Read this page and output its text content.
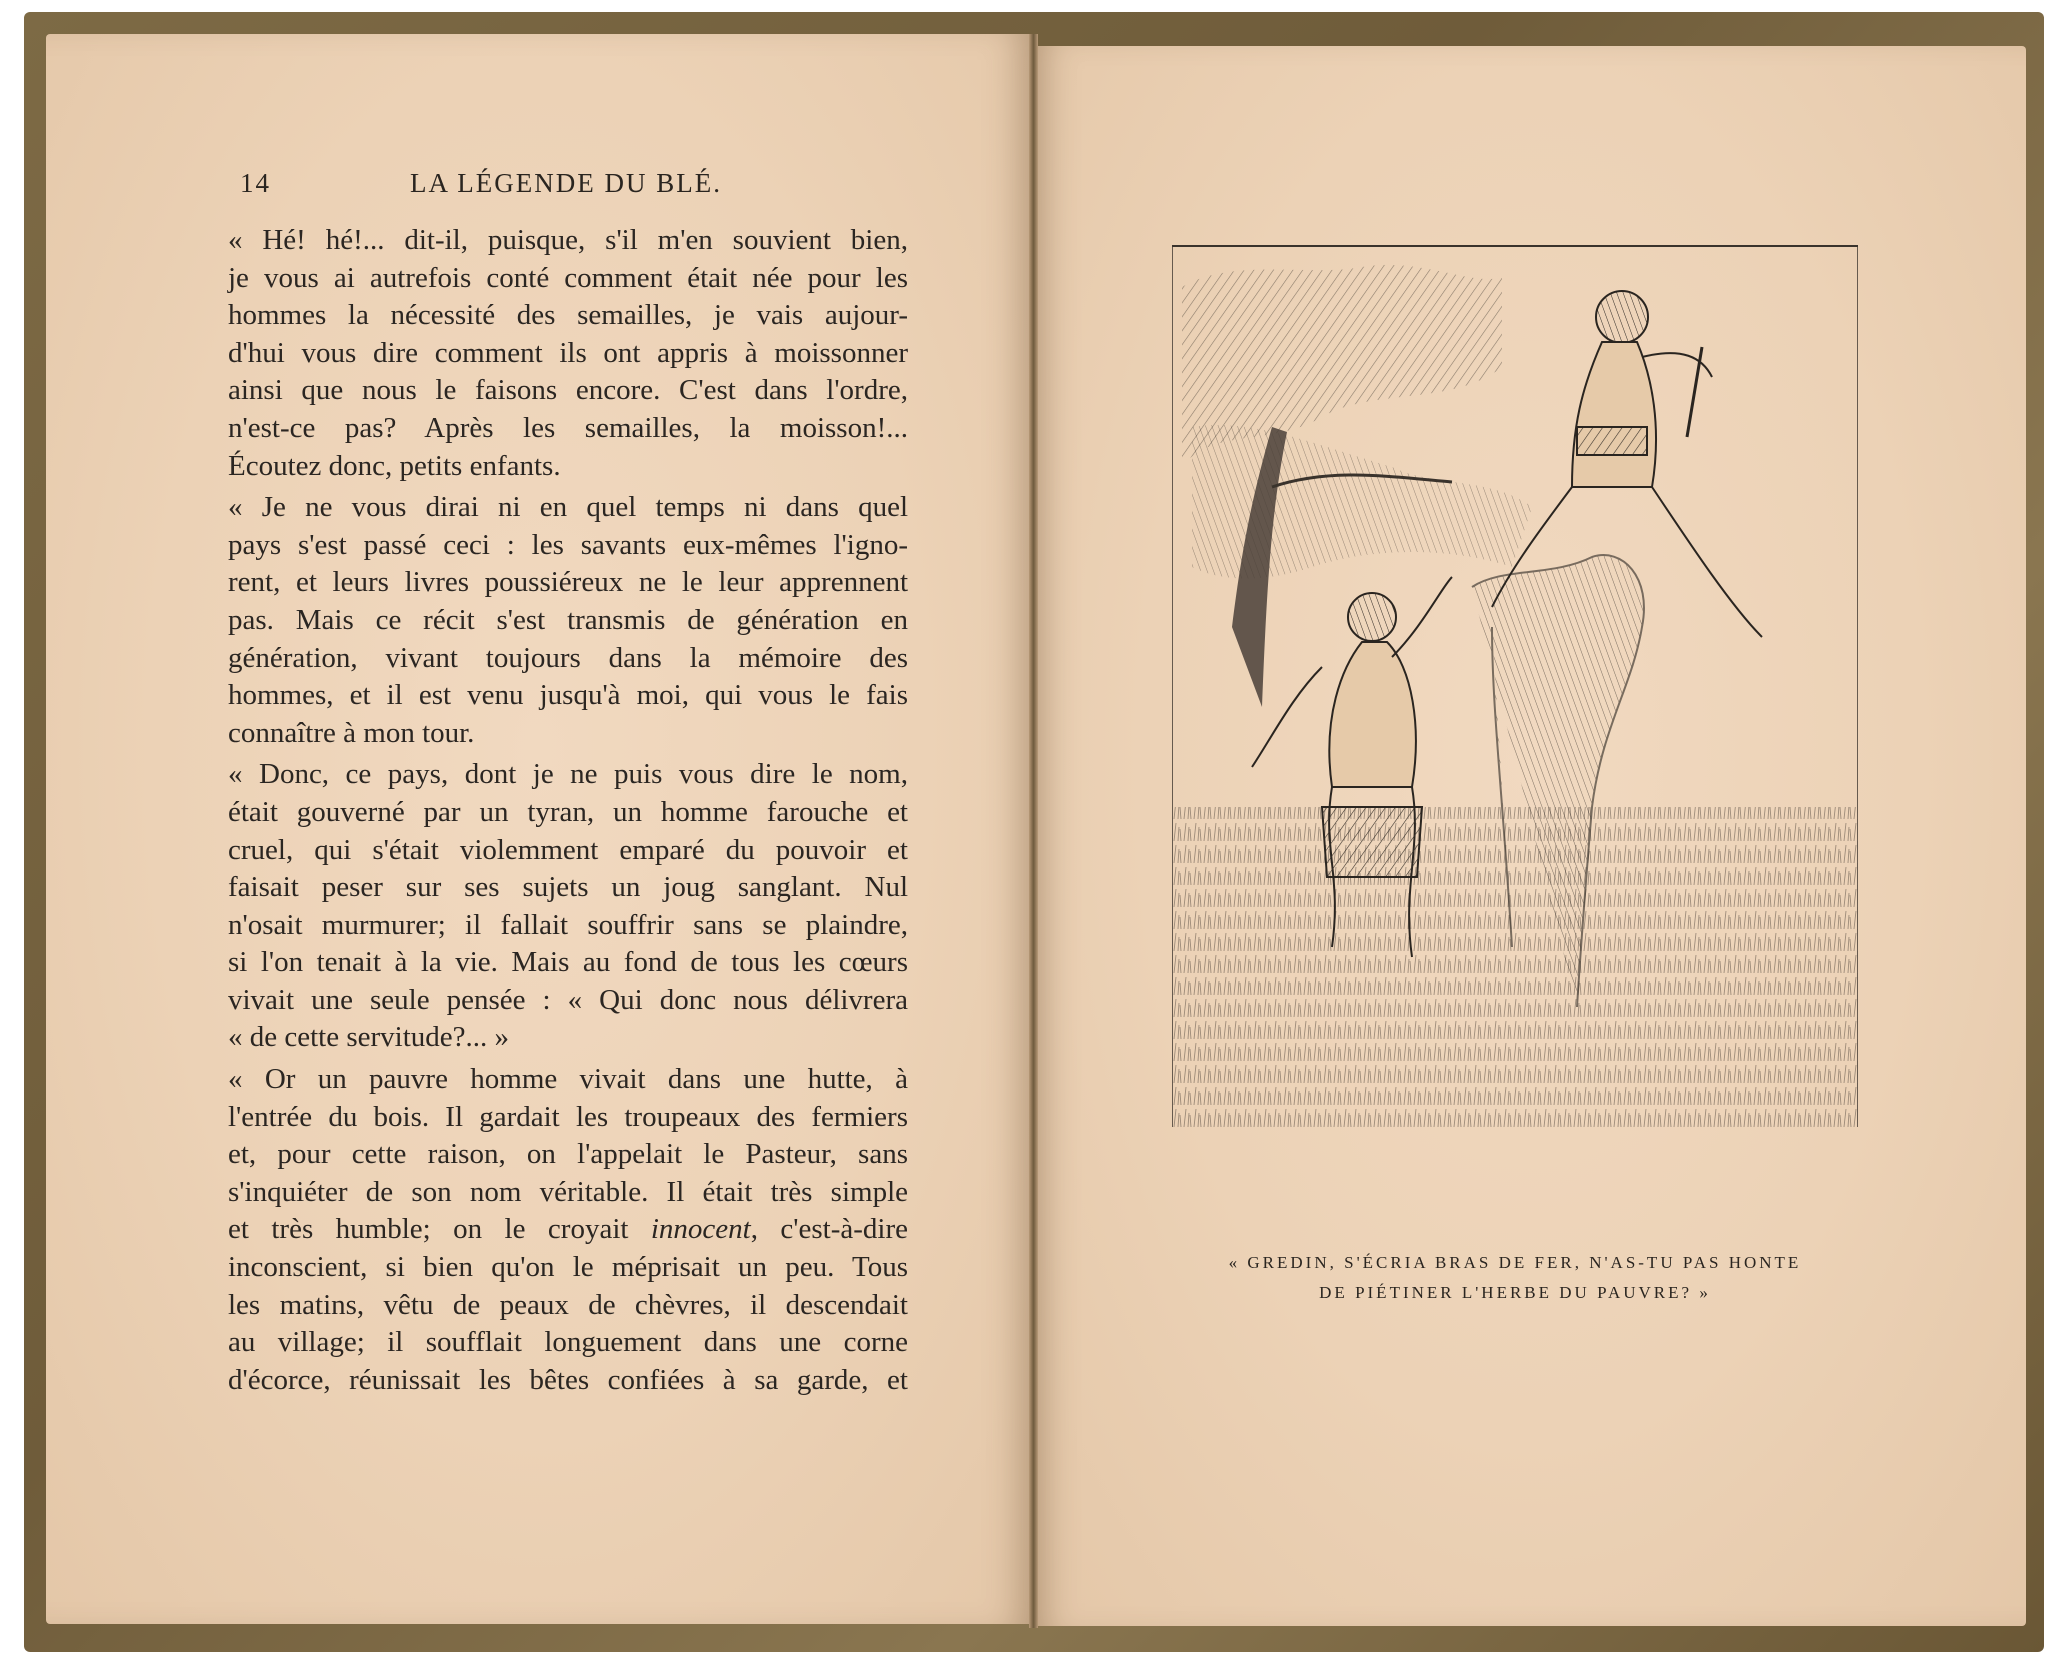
14	LA LÉGENDE DU BLÉ.
« Hé! hé!... dit-il, puisque, s'il m'en souvient bien,
je vous ai autrefois conté comment était née pour les
hommes la nécessité des semailles, je vais aujour-
d'hui vous dire comment ils ont appris à moissonner
ainsi que nous le faisons encore. C'est dans l'ordre,
n'est-ce pas? Après les semailles, la moisson!...
Écoutez donc, petits enfants.
« Je ne vous dirai ni en quel temps ni dans quel
pays s'est passé ceci : les savants eux-mêmes l'igno-
rent, et leurs livres poussiéreux ne le leur apprennent
pas. Mais ce récit s'est transmis de génération en
génération, vivant toujours dans la mémoire des
hommes, et il est venu jusqu'à moi, qui vous le fais
connaître à mon tour.
« Donc, ce pays, dont je ne puis vous dire le nom,
était gouverné par un tyran, un homme farouche et
cruel, qui s'était violemment emparé du pouvoir et
faisait peser sur ses sujets un joug sanglant. Nul
n'osait murmurer; il fallait souffrir sans se plaindre,
si l'on tenait à la vie. Mais au fond de tous les cœurs
vivait une seule pensée : « Qui donc nous délivrera
« de cette servitude?... »
« Or un pauvre homme vivait dans une hutte, à
l'entrée du bois. Il gardait les troupeaux des fermiers
et, pour cette raison, on l'appelait le Pasteur, sans
s'inquiéter de son nom véritable. Il était très simple
et très humble; on le croyait innocent, c'est-à-dire
inconscient, si bien qu'on le méprisait un peu. Tous
les matins, vêtu de peaux de chèvres, il descendait
au village; il soufflait longuement dans une corne
d'écorce, réunissait les bêtes confiées à sa garde, et
« GREDIN, S'ÉCRIA BRAS DE FER, N'AS-TU PAS HONTE
DE PIÉTINER L'HERBE DU PAUVRE? »
